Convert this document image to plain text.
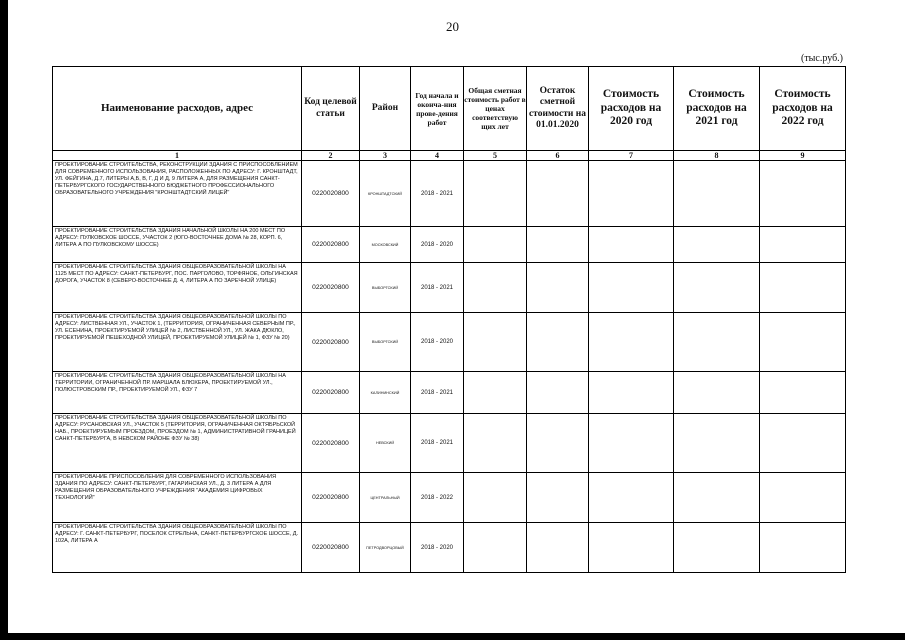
20
(тыс.руб.)
Наименование расходов, адрес	Код целевой статьи	Район	Год начала и оконча-ния прове-дения работ	Общая сметная стоимость работ в ценах соответствую щих лет	Остаток сметной стоимости на 01.01.2020	Стоимость расходов на 2020 год	Стоимость расходов на 2021 год	Стоимость расходов на 2022 год
1	2	3	4	5	6	7	8	9
ПРОЕКТИРОВАНИЕ СТРОИТЕЛЬСТВА, РЕКОНСТРУКЦИИ ЗДАНИЯ С ПРИСПОСОБЛЕНИЕМ ДЛЯ СОВРЕМЕННОГО ИСПОЛЬЗОВАНИЯ, РАСПОЛОЖЕННЫХ ПО АДРЕСУ: Г. КРОНШТАДТ, УЛ. ФЕЙГИНА, Д.7, ЛИТЕРЫ А,Б, В, Г, Д И Д, 9 ЛИТЕРА А, ДЛЯ РАЗМЕЩЕНИЯ САНКТ-ПЕТЕРБУРГСКОГО ГОСУДАРСТВЕННОГО БЮДЖЕТНОГО ПРОФЕССИОНАЛЬНОГО ОБРАЗОВАТЕЛЬНОГО УЧРЕЖДЕНИЯ "КРОНШТАДТСКИЙ ЛИЦЕЙ"	0220020800	КРОНШТАДТСКИЙ	2018 - 2021					
ПРОЕКТИРОВАНИЕ СТРОИТЕЛЬСТВА ЗДАНИЯ НАЧАЛЬНОЙ ШКОЛЫ НА 200 МЕСТ ПО АДРЕСУ: ПУЛКОВСКОЕ ШОССЕ, УЧАСТОК 2 (ЮГО-ВОСТОЧНЕЕ ДОМА № 28, КОРП. 6, ЛИТЕРА А ПО ПУЛКОВСКОМУ ШОССЕ)	0220020800	МОСКОВСКИЙ	2018 - 2020					
ПРОЕКТИРОВАНИЕ СТРОИТЕЛЬСТВА ЗДАНИЯ ОБЩЕОБРАЗОВАТЕЛЬНОЙ ШКОЛЫ НА 1125 МЕСТ ПО АДРЕСУ: САНКТ-ПЕТЕРБУРГ, ПОС. ПАРГОЛОВО, ТОРФЯНОЕ, ОЛЬГИНСКАЯ ДОРОГА, УЧАСТОК 8 (СЕВЕРО-ВОСТОЧНЕЕ Д. 4, ЛИТЕРА А ПО ЗАРЕЧНОЙ УЛИЦЕ)	0220020800	ВЫБОРГСКИЙ	2018 - 2021					
ПРОЕКТИРОВАНИЕ СТРОИТЕЛЬСТВА ЗДАНИЯ ОБЩЕОБРАЗОВАТЕЛЬНОЙ ШКОЛЫ ПО АДРЕСУ: ЛИСТВЕННАЯ УЛ., УЧАСТОК 1, (ТЕРРИТОРИЯ, ОГРАНИЧЕННАЯ СЕВЕРНЫМ ПР., УЛ. ЕСЕНИНА, ПРОЕКТИРУЕМОЙ УЛИЦЕЙ № 2, ЛИСТВЕННОЙ УЛ., УЛ. ЖАКА ДЮКЛО, ПРОЕКТИРУЕМОЙ ПЕШЕХОДНОЙ УЛИЦЕЙ, ПРОЕКТИРУЕМОЙ УЛИЦЕЙ № 1, ФЗУ № 20)	0220020800	ВЫБОРГСКИЙ	2018 - 2020					
ПРОЕКТИРОВАНИЕ СТРОИТЕЛЬСТВА ЗДАНИЯ ОБЩЕОБРАЗОВАТЕЛЬНОЙ ШКОЛЫ НА ТЕРРИТОРИИ, ОГРАНИЧЕННОЙ ПР. МАРШАЛА БЛЮХЕРА, ПРОЕКТИРУЕМОЙ УЛ., ПОЛЮСТРОВСКИМ ПР., ПРОЕКТИРУЕМОЙ УЛ., ФЗУ 7	0220020800	КАЛИНИНСКИЙ	2018 - 2021					
ПРОЕКТИРОВАНИЕ СТРОИТЕЛЬСТВА ЗДАНИЯ ОБЩЕОБРАЗОВАТЕЛЬНОЙ ШКОЛЫ ПО АДРЕСУ: РУСАНОВСКАЯ УЛ., УЧАСТОК 5 (ТЕРРИТОРИЯ, ОГРАНИЧЕННАЯ ОКТЯБРЬСКОЙ НАБ., ПРОЕКТИРУЕМЫМ ПРОЕЗДОМ, ПРОЕЗДОМ № 1, АДМИНИСТРАТИВНОЙ ГРАНИЦЕЙ САНКТ-ПЕТЕРБУРГА, В НЕВСКОМ РАЙОНЕ ФЗУ № 38)	0220020800	НЕВСКИЙ	2018 - 2021					
ПРОЕКТИРОВАНИЕ ПРИСПОСОБЛЕНИЯ ДЛЯ СОВРЕМЕННОГО ИСПОЛЬЗОВАНИЯ ЗДАНИЯ ПО АДРЕСУ: САНКТ-ПЕТЕРБУРГ, ГАГАРИНСКАЯ УЛ., Д. 3 ЛИТЕРА А ДЛЯ РАЗМЕЩЕНИЯ ОБРАЗОВАТЕЛЬНОГО УЧРЕЖДЕНИЯ "АКАДЕМИЯ ЦИФРОВЫХ ТЕХНОЛОГИЙ"	0220020800	ЦЕНТРАЛЬНЫЙ	2018 - 2022					
ПРОЕКТИРОВАНИЕ СТРОИТЕЛЬСТВА ЗДАНИЯ ОБЩЕОБРАЗОВАТЕЛЬНОЙ ШКОЛЫ ПО АДРЕСУ: Г. САНКТ-ПЕТЕРБУРГ, ПОСЕЛОК СТРЕЛЬНА, САНКТ-ПЕТЕРБУРГСКОЕ ШОССЕ, Д. 102А, ЛИТЕРА А	0220020800	ПЕТРОДВОРЦОВЫЙ	2018 - 2020					
